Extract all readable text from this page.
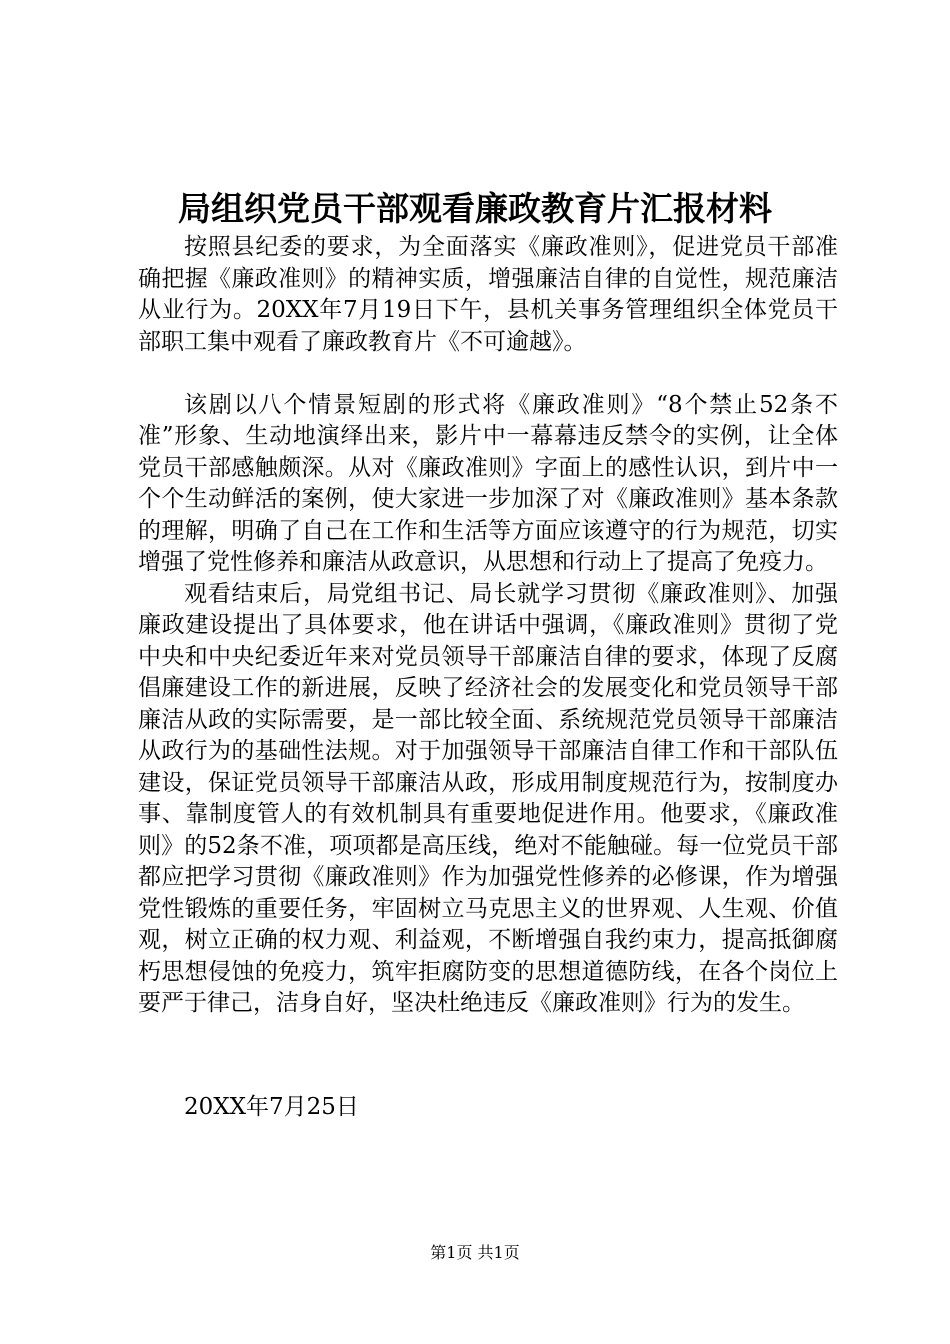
局组织党员干部观看廉政教育片汇报材料

按照县纪委的要求，为全面落实《廉政准则》，促进党员干部准确把握《廉政准则》的精神实质，增强廉洁自律的自觉性，规范廉洁从业行为。20XX年7月19日下午，县机关事务管理组织全体党员干部职工集中观看了廉政教育片《不可逾越》。

该剧以八个情景短剧的形式将《廉政准则》“8个禁止52条不准”形象、生动地演绎出来，影片中一幕幕违反禁令的实例，让全体党员干部感触颇深。从对《廉政准则》字面上的感性认识，到片中一个个生动鲜活的案例，使大家进一步加深了对《廉政准则》基本条款的理解，明确了自己在工作和生活等方面应该遵守的行为规范，切实增强了党性修养和廉洁从政意识，从思想和行动上了提高了免疫力。

观看结束后，局党组书记、局长就学习贯彻《廉政准则》、加强廉政建设提出了具体要求，他在讲话中强调，《廉政准则》贯彻了党中央和中央纪委近年来对党员领导干部廉洁自律的要求，体现了反腐倡廉建设工作的新进展，反映了经济社会的发展变化和党员领导干部廉洁从政的实际需要，是一部比较全面、系统规范党员领导干部廉洁从政行为的基础性法规。对于加强领导干部廉洁自律工作和干部队伍建设，保证党员领导干部廉洁从政，形成用制度规范行为，按制度办事、靠制度管人的有效机制具有重要地促进作用。他要求，《廉政准则》的52条不准，项项都是高压线，绝对不能触碰。每一位党员干部都应把学习贯彻《廉政准则》作为加强党性修养的必修课，作为增强党性锻炼的重要任务，牢固树立马克思主义的世界观、人生观、价值观，树立正确的权力观、利益观，不断增强自我约束力，提高抵御腐朽思想侵蚀的免疫力，筑牢拒腐防变的思想道德防线，在各个岗位上要严于律己，洁身自好，坚决杜绝违反《廉政准则》行为的发生。

20XX年7月25日

第1页 共1页
